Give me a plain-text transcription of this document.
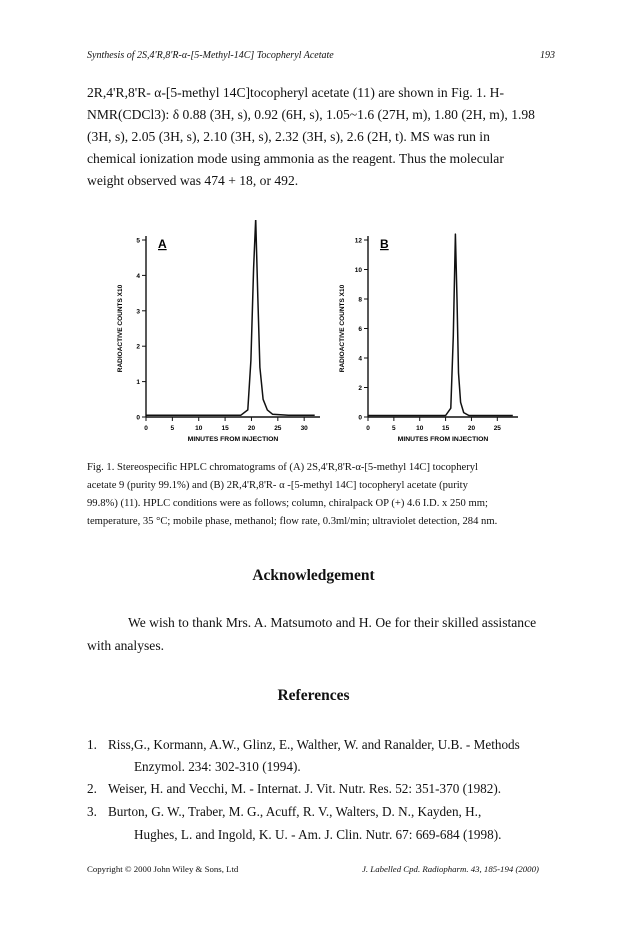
Synthesis of 2S,4'R,8'R-α-[5-Methyl-14C] Tocopheryl Acetate	193
2R,4'R,8'R- α-[5-methyl 14C]tocopheryl acetate (11) are shown in Fig. 1. H-
NMR(CDCl3): δ 0.88 (3H, s), 0.92 (6H, s), 1.05~1.6 (27H, m), 1.80 (2H, m), 1.98
(3H, s), 2.05 (3H, s), 2.10 (3H, s), 2.32 (3H, s), 2.6 (2H, t). MS was run in
chemical ionization mode using ammonia as the reagent. Thus the molecular
weight observed was 474 + 18, or 492.
0	5	10	15	20	25	30
0
1
2
3
4
5
MINUTES FROM INJECTION
RADIOACTIVE COUNTS X10
A
0	5	10	15	20	25
0
2
4
6
8
10
12
MINUTES FROM INJECTION
RADIOACTIVE COUNTS X10
B
Fig. 1. Stereospecific HPLC chromatograms of (A) 2S,4'R,8'R-α-[5-methyl 14C] tocopheryl
acetate 9 (purity 99.1%) and (B) 2R,4'R,8'R- α -[5-methyl 14C] tocopheryl acetate (purity
99.8%) (11). HPLC conditions were as follows; column, chiralpack OP (+) 4.6 I.D. x 250 mm;
temperature, 35 °C; mobile phase, methanol; flow rate, 0.3ml/min; ultraviolet detection, 284 nm.
Acknowledgement
We wish to thank Mrs. A. Matsumoto and H. Oe for their skilled assistance
with analyses.
References
1. Riss,G., Kormann, A.W., Glinz, E., Walther, W. and Ranalder, U.B. - Methods
Enzymol. 234: 302-310 (1994).
2. Weiser, H. and Vecchi, M. - Internat. J. Vit. Nutr. Res. 52: 351-370 (1982).
3. Burton, G. W., Traber, M. G., Acuff, R. V., Walters, D. N., Kayden, H.,
Hughes, L. and Ingold, K. U. - Am. J. Clin. Nutr. 67: 669-684 (1998).
Copyright © 2000 John Wiley & Sons, Ltd	J. Labelled Cpd. Radiopharm. 43, 185-194 (2000)
